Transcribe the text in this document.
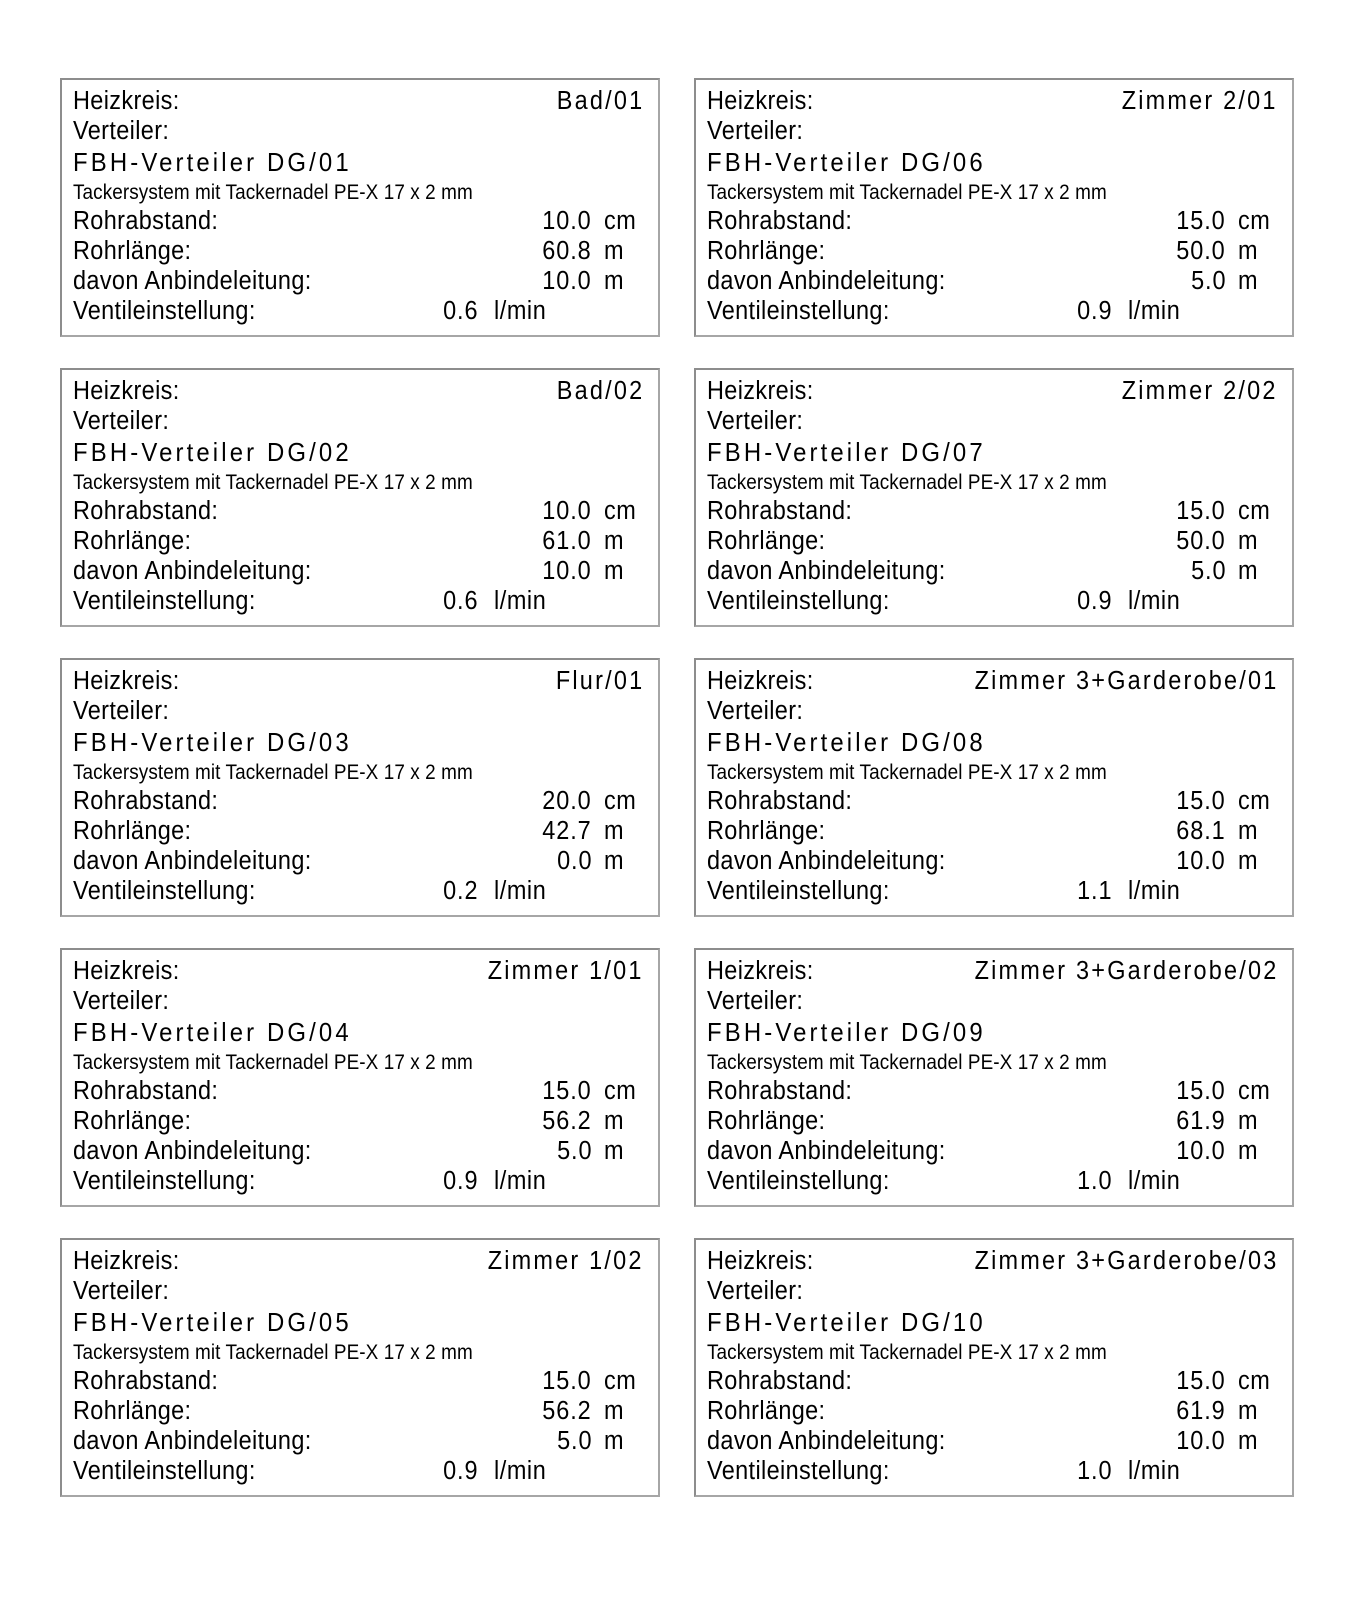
Heizkreis:	Bad/01
Verteiler:
FBH-Verteiler DG/01
Tackersystem mit Tackernadel PE-X 17 x 2 mm
Rohrabstand:	10.0 cm
Rohrlänge:	60.8 m
davon Anbindeleitung:	10.0 m
Ventileinstellung:	0.6 l/min
Heizkreis:	Zimmer 2/01
Verteiler:
FBH-Verteiler DG/06
Tackersystem mit Tackernadel PE-X 17 x 2 mm
Rohrabstand:	15.0 cm
Rohrlänge:	50.0 m
davon Anbindeleitung:	5.0 m
Ventileinstellung:	0.9 l/min
Heizkreis:	Bad/02
Verteiler:
FBH-Verteiler DG/02
Tackersystem mit Tackernadel PE-X 17 x 2 mm
Rohrabstand:	10.0 cm
Rohrlänge:	61.0 m
davon Anbindeleitung:	10.0 m
Ventileinstellung:	0.6 l/min
Heizkreis:	Zimmer 2/02
Verteiler:
FBH-Verteiler DG/07
Tackersystem mit Tackernadel PE-X 17 x 2 mm
Rohrabstand:	15.0 cm
Rohrlänge:	50.0 m
davon Anbindeleitung:	5.0 m
Ventileinstellung:	0.9 l/min
Heizkreis:	Flur/01
Verteiler:
FBH-Verteiler DG/03
Tackersystem mit Tackernadel PE-X 17 x 2 mm
Rohrabstand:	20.0 cm
Rohrlänge:	42.7 m
davon Anbindeleitung:	0.0 m
Ventileinstellung:	0.2 l/min
Heizkreis:	Zimmer 3+Garderobe/01
Verteiler:
FBH-Verteiler DG/08
Tackersystem mit Tackernadel PE-X 17 x 2 mm
Rohrabstand:	15.0 cm
Rohrlänge:	68.1 m
davon Anbindeleitung:	10.0 m
Ventileinstellung:	1.1 l/min
Heizkreis:	Zimmer 1/01
Verteiler:
FBH-Verteiler DG/04
Tackersystem mit Tackernadel PE-X 17 x 2 mm
Rohrabstand:	15.0 cm
Rohrlänge:	56.2 m
davon Anbindeleitung:	5.0 m
Ventileinstellung:	0.9 l/min
Heizkreis:	Zimmer 3+Garderobe/02
Verteiler:
FBH-Verteiler DG/09
Tackersystem mit Tackernadel PE-X 17 x 2 mm
Rohrabstand:	15.0 cm
Rohrlänge:	61.9 m
davon Anbindeleitung:	10.0 m
Ventileinstellung:	1.0 l/min
Heizkreis:	Zimmer 1/02
Verteiler:
FBH-Verteiler DG/05
Tackersystem mit Tackernadel PE-X 17 x 2 mm
Rohrabstand:	15.0 cm
Rohrlänge:	56.2 m
davon Anbindeleitung:	5.0 m
Ventileinstellung:	0.9 l/min
Heizkreis:	Zimmer 3+Garderobe/03
Verteiler:
FBH-Verteiler DG/10
Tackersystem mit Tackernadel PE-X 17 x 2 mm
Rohrabstand:	15.0 cm
Rohrlänge:	61.9 m
davon Anbindeleitung:	10.0 m
Ventileinstellung:	1.0 l/min
